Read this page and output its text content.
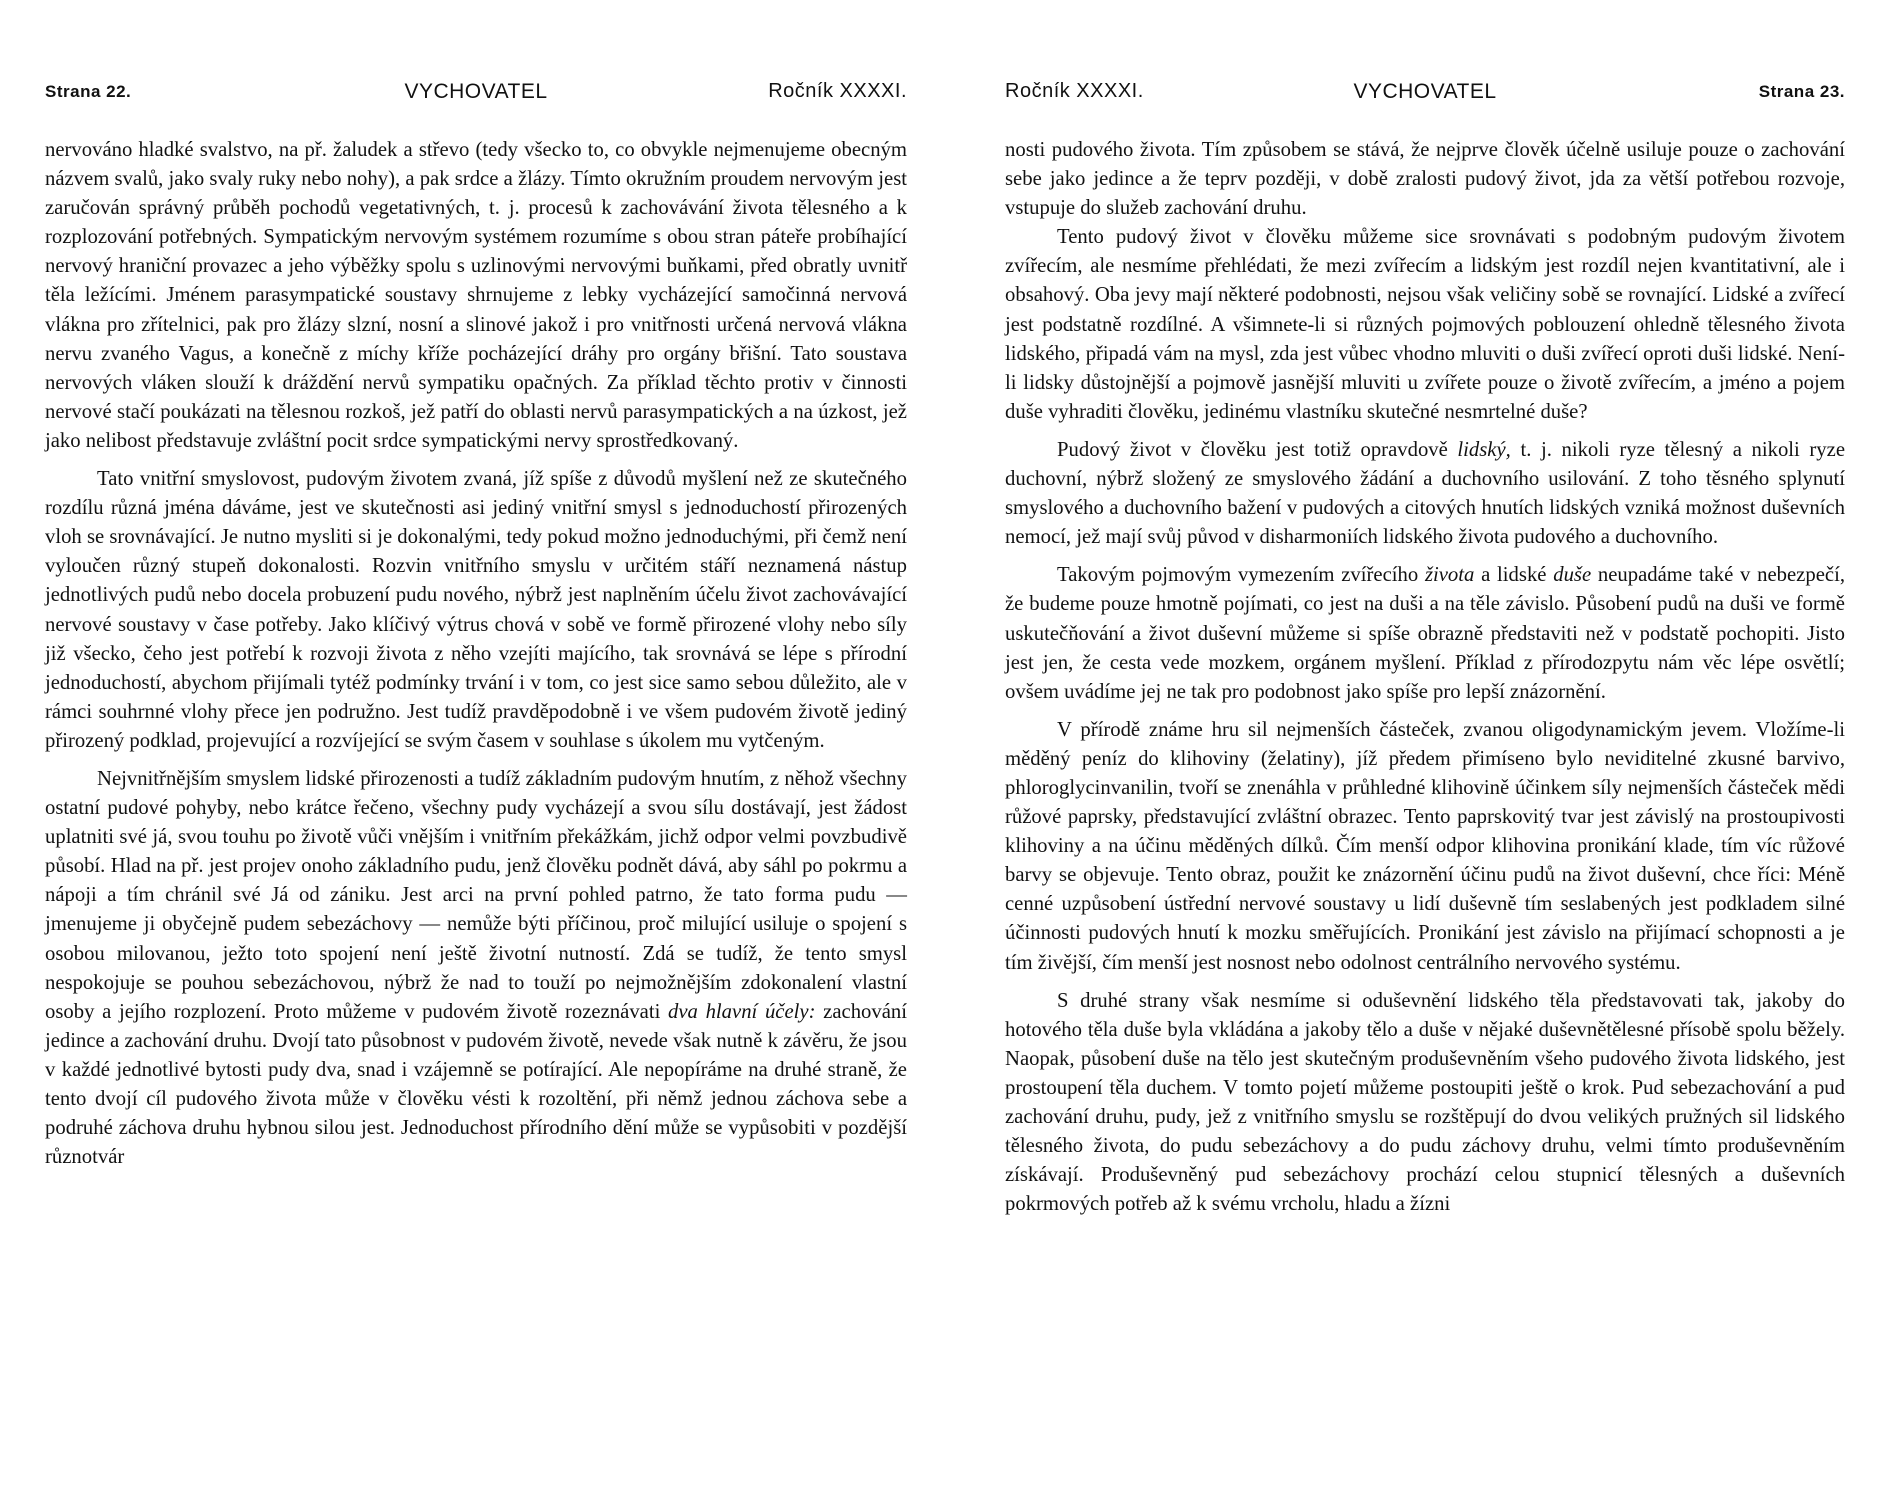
Strana 22.	VYCHOVATEL	Ročník XXXXI.

nervováno hladké svalstvo, na př. žaludek a střevo (tedy všecko to, co obvykle nejmenujeme obecným názvem svalů, jako svaly ruky nebo nohy), a pak srdce a žlázy. Tímto okružním proudem nervovým jest zaručován správný průběh pochodů vegetativných, t. j. procesů k zachovávání života tělesného a k rozplozování potřebných. Sympatickým nervovým systémem rozumíme s obou stran páteře probíhající nervový hraniční provazec a jeho výběžky spolu s uzlinovými nervovými buňkami, před obratly uvnitř těla ležícími. Jménem parasympatické soustavy shrnujeme z lebky vycházející samočinná nervová vlákna pro zřítelnici, pak pro žlázy slzní, nosní a slinové jakož i pro vnitřnosti určená nervová vlákna nervu zvaného Vagus, a konečně z míchy kříže pocházející dráhy pro orgány břišní. Tato soustava nervových vláken slouží k dráždění nervů sympatiku opačných. Za příklad těchto protiv v činnosti nervové stačí poukázati na tělesnou rozkoš, jež patří do oblasti nervů parasympatických a na úzkost, jež jako nelibost představuje zvláštní pocit srdce sympatickými nervy sprostředkovaný.

Tato vnitřní smyslovost, pudovým životem zvaná, jíž spíše z důvodů myšlení než ze skutečného rozdílu různá jména dáváme, jest ve skutečnosti asi jediný vnitřní smysl s jednoduchostí přirozených vloh se srovnávající. Je nutno mysliti si je dokonalými, tedy pokud možno jednoduchými, při čemž není vyloučen různý stupeň dokonalosti. Rozvin vnitřního smyslu v určitém stáří neznamená nástup jednotlivých pudů nebo docela probuzení pudu nového, nýbrž jest naplněním účelu život zachovávající nervové soustavy v čase potřeby. Jako klíčivý výtrus chová v sobě ve formě přirozené vlohy nebo síly již všecko, čeho jest potřebí k rozvoji života z něho vzejíti majícího, tak srovnává se lépe s přírodní jednoduchostí, abychom přijímali tytéž podmínky trvání i v tom, co jest sice samo sebou důležito, ale v rámci souhrnné vlohy přece jen podružno. Jest tudíž pravděpodobně i ve všem pudovém životě jediný přirozený podklad, projevující a rozvíjející se svým časem v souhlase s úkolem mu vytčeným.

Nejvnitřnějším smyslem lidské přirozenosti a tudíž základním pudovým hnutím, z něhož všechny ostatní pudové pohyby, nebo krátce řečeno, všechny pudy vycházejí a svou sílu dostávají, jest žádost uplatniti své já, svou touhu po životě vůči vnějším i vnitřním překážkám, jichž odpor velmi povzbudivě působí. Hlad na př. jest projev onoho základního pudu, jenž člověku podnět dává, aby sáhl po pokrmu a nápoji a tím chránil své Já od zániku. Jest arci na první pohled patrno, že tato forma pudu — jmenujeme ji obyčejně pudem sebezáchovy — nemůže býti příčinou, proč milující usiluje o spojení s osobou milovanou, ježto toto spojení není ještě životní nutností. Zdá se tudíž, že tento smysl nespokojuje se pouhou sebezáchovou, nýbrž že nad to touží po nejmožnějším zdokonalení vlastní osoby a jejího rozplození. Proto můžeme v pudovém životě rozeznávati dva hlavní účely: zachování jedince a zachování druhu. Dvojí tato působnost v pudovém životě, nevede však nutně k závěru, že jsou v každé jednotlivé bytosti pudy dva, snad i vzájemně se potírající. Ale nepopíráme na druhé straně, že tento dvojí cíl pudového života může v člověku vésti k rozoltění, při němž jednou záchova sebe a podruhé záchova druhu hybnou silou jest. Jednoduchost přírodního dění může se vypůsobiti v pozdější různotvár

Ročník XXXXI.	VYCHOVATEL	Strana 23.

nosti pudového života. Tím způsobem se stává, že nejprve člověk účelně usiluje pouze o zachování sebe jako jedince a že teprv později, v době zralosti pudový život, jda za větší potřebou rozvoje, vstupuje do služeb zachování druhu.

Tento pudový život v člověku můžeme sice srovnávati s podobným pudovým životem zvířecím, ale nesmíme přehlédati, že mezi zvířecím a lidským jest rozdíl nejen kvantitativní, ale i obsahový. Oba jevy mají některé podobnosti, nejsou však veličiny sobě se rovnající. Lidské a zvířecí jest podstatně rozdílné. A všimnete-li si různých pojmových poblouzení ohledně tělesného života lidského, připadá vám na mysl, zda jest vůbec vhodno mluviti o duši zvířecí oproti duši lidské. Není-li lidsky důstojnější a pojmově jasnější mluviti u zvířete pouze o životě zvířecím, a jméno a pojem duše vyhraditi člověku, jedinému vlastníku skutečné nesmrtelné duše?

Pudový život v člověku jest totiž opravdově lidský, t. j. nikoli ryze tělesný a nikoli ryze duchovní, nýbrž složený ze smyslového žádání a duchovního usilování. Z toho těsného splynutí smyslového a duchovního bažení v pudových a citových hnutích lidských vzniká možnost duševních nemocí, jež mají svůj původ v disharmoniích lidského života pudového a duchovního.

Takovým pojmovým vymezením zvířecího života a lidské duše neupadáme také v nebezpečí, že budeme pouze hmotně pojímati, co jest na duši a na těle závislo. Působení pudů na duši ve formě uskutečňování a život duševní můžeme si spíše obrazně představiti než v podstatě pochopiti. Jisto jest jen, že cesta vede mozkem, orgánem myšlení. Příklad z přírodozpytu nám věc lépe osvětlí; ovšem uvádíme jej ne tak pro podobnost jako spíše pro lepší znázornění.

V přírodě známe hru sil nejmenších částeček, zvanou oligodynamickým jevem. Vložíme-li měděný peníz do klihoviny (želatiny), jíž předem přimíseno bylo neviditelné zkusné barvivo, phloroglycinvanilin, tvoří se znenáhla v průhledné klihovině účinkem síly nejmenších částeček mědi růžové paprsky, představující zvláštní obrazec. Tento paprskovitý tvar jest závislý na prostoupivosti klihoviny a na účinu měděných dílků. Čím menší odpor klihovina pronikání klade, tím víc růžové barvy se objevuje. Tento obraz, použit ke znázornění účinu pudů na život duševní, chce říci: Méně cenné uzpůsobení ústřední nervové soustavy u lidí duševně tím seslabených jest podkladem silné účinnosti pudových hnutí k mozku směřujících. Pronikání jest závislo na přijímací schopnosti a je tím živější, čím menší jest nosnost nebo odolnost centrálního nervového systému.

S druhé strany však nesmíme si oduševnění lidského těla představovati tak, jakoby do hotového těla duše byla vkládána a jakoby tělo a duše v nějaké duševnětělesné přísobě spolu běžely. Naopak, působení duše na tělo jest skutečným produševněním všeho pudového života lidského, jest prostoupení těla duchem. V tomto pojetí můžeme postoupiti ještě o krok. Pud sebezachování a pud zachování druhu, pudy, jež z vnitřního smyslu se rozštěpují do dvou velikých pružných sil lidského tělesného života, do pudu sebezáchovy a do pudu záchovy druhu, velmi tímto produševněním získávají. Produševněný pud sebezáchovy prochází celou stupnicí tělesných a duševních pokrmových potřeb až k svému vrcholu, hladu a žízni
